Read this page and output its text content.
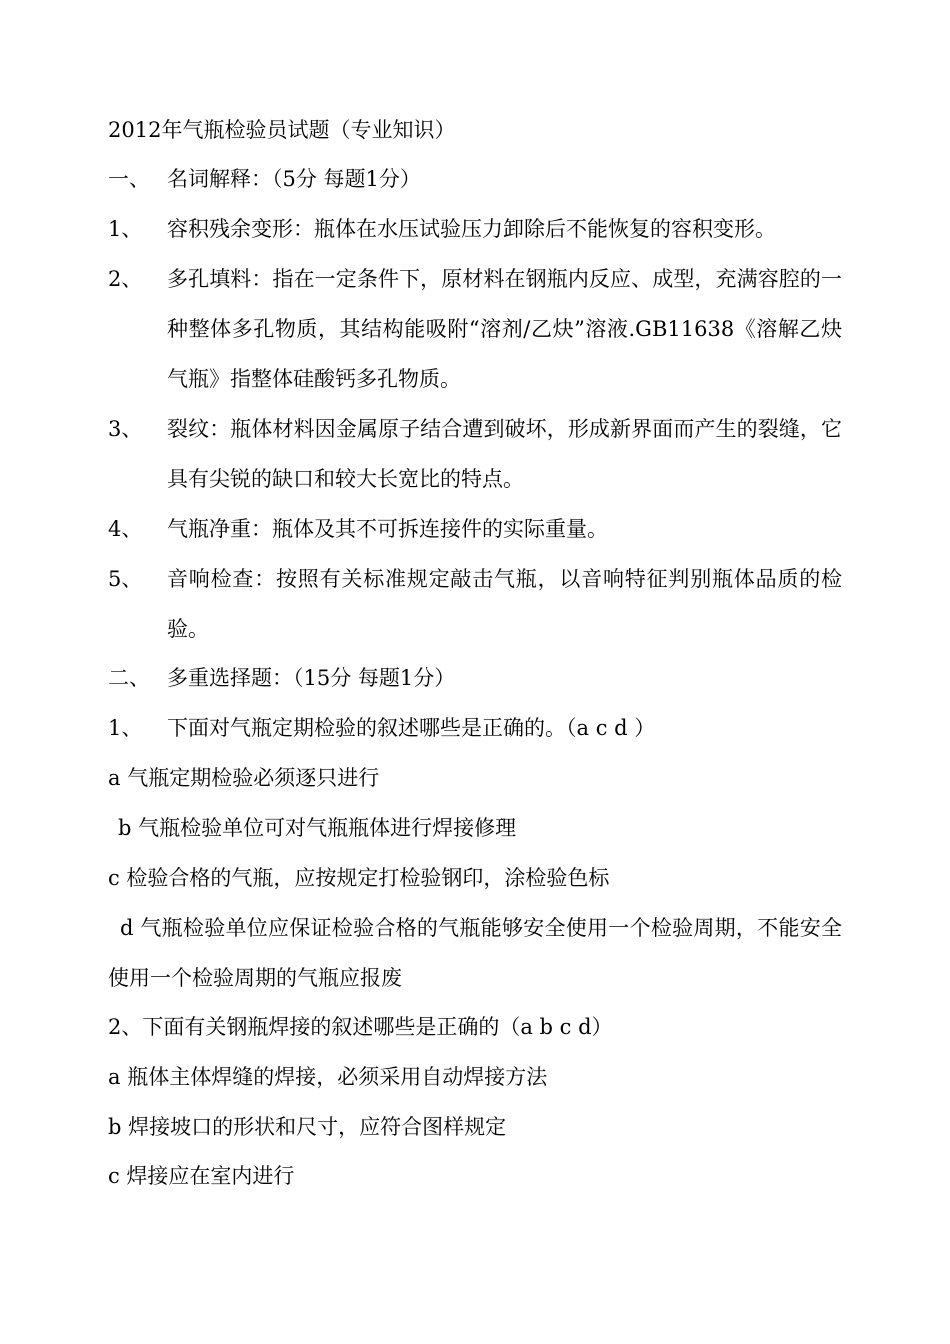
2012年气瓶检验员试题（专业知识）
一、 名词解释：（5分 每题1分）
1、 容积残余变形：瓶体在水压试验压力卸除后不能恢复的容积变形。
2、 多孔填料：指在一定条件下，原材料在钢瓶内反应、成型，充满容腔的一种整体多孔物质，其结构能吸附“溶剂/乙炔”溶液.GB11638《溶解乙炔气瓶》指整体硅酸钙多孔物质。
3、 裂纹：瓶体材料因金属原子结合遭到破坏，形成新界面而产生的裂缝，它具有尖锐的缺口和较大长宽比的特点。
4、 气瓶净重：瓶体及其不可拆连接件的实际重量。
5、 音响检查：按照有关标准规定敲击气瓶，以音响特征判别瓶体品质的检验。
二、 多重选择题：（15分 每题1分）
1、 下面对气瓶定期检验的叙述哪些是正确的。（a c d ）
a 气瓶定期检验必须逐只进行
b 气瓶检验单位可对气瓶瓶体进行焊接修理
c 检验合格的气瓶，应按规定打检验钢印，涂检验色标
d 气瓶检验单位应保证检验合格的气瓶能够安全使用一个检验周期，不能安全使用一个检验周期的气瓶应报废
2、下面有关钢瓶焊接的叙述哪些是正确的（a b c d）
a 瓶体主体焊缝的焊接，必须采用自动焊接方法
b 焊接坡口的形状和尺寸，应符合图样规定
c 焊接应在室内进行
